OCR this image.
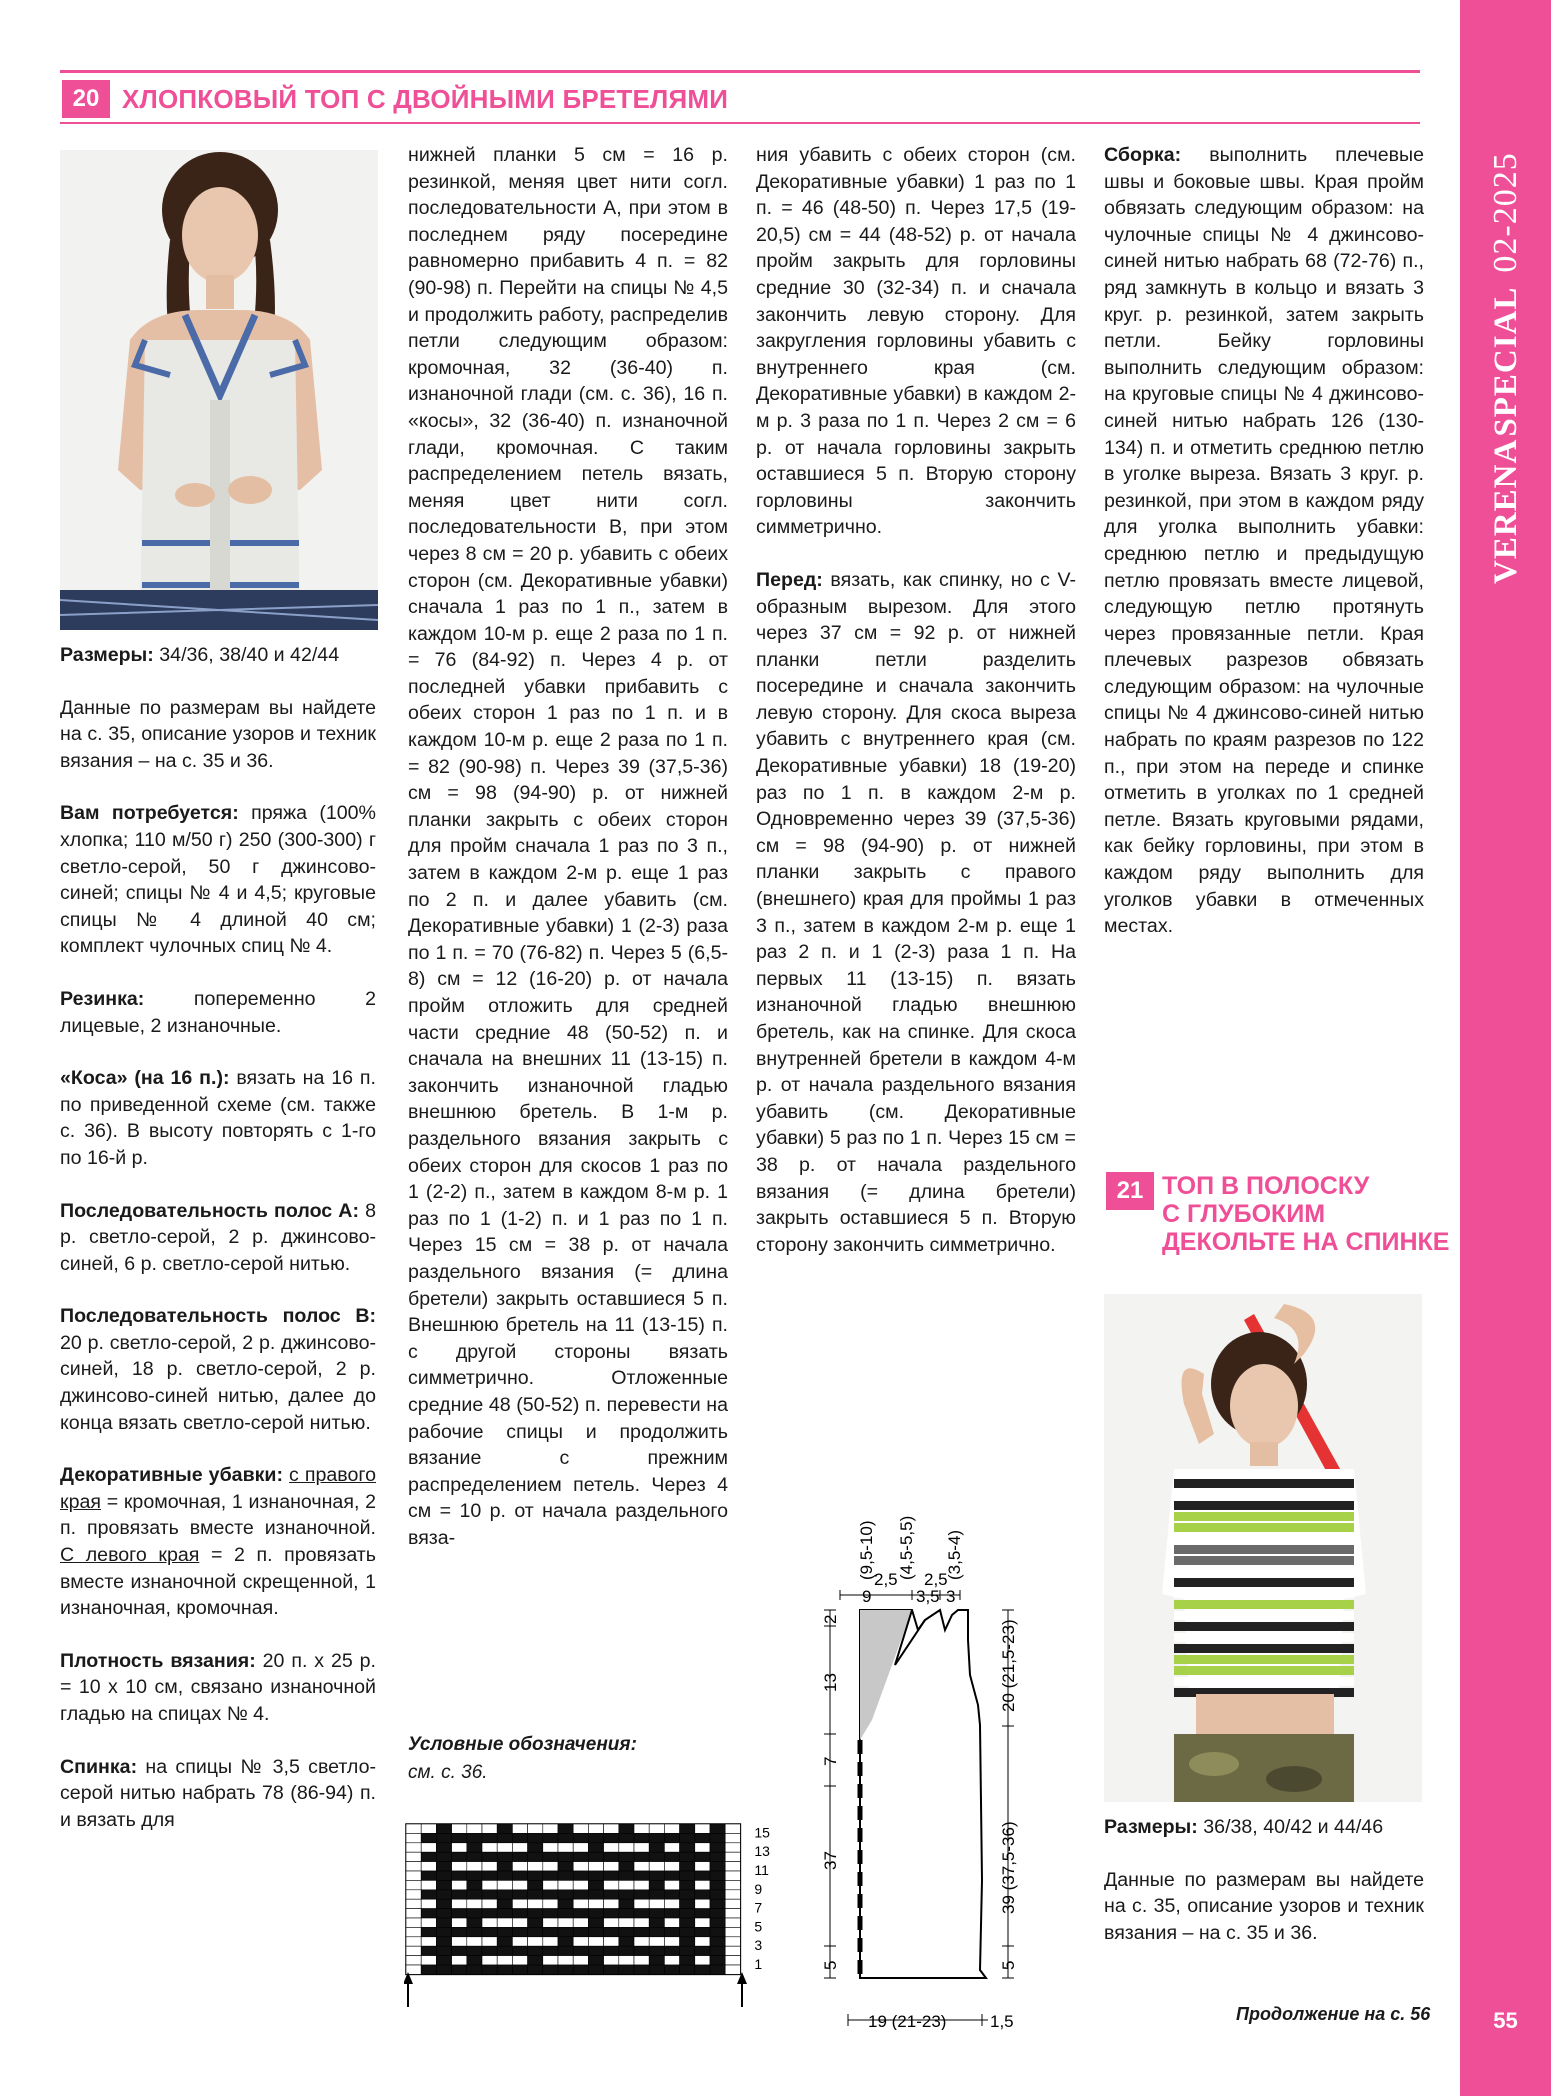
VERENA
SPECIAL
02-2025
55
20 ХЛОПКОВЫЙ ТОП С ДВОЙНЫМИ БРЕТЕЛЯМИ

Размеры: 34/36, 38/40 и 42/44

Данные по размерам вы найдете на с. 35, описание узоров и техник вязания – на с. 35 и 36.

Вам потребуется: пряжа (100% хлопка; 110 м/50 г) 250 (300-300) г светло-серой, 50 г джинсово-синей; спицы № 4 и 4,5; круговые спицы № 4 длиной 40 см; комплект чулочных спиц № 4.

Резинка: попеременно 2 лицевые, 2 изнаночные.

«Коса» (на 16 п.): вязать на 16 п. по приведенной схеме (см. также с. 36). В высоту повторять с 1-го по 16-й р.

Последовательность полос А: 8 р. светло-серой, 2 р. джинсово-синей, 6 р. светло-серой нитью.

Последовательность полос В: 20 р. светло-серой, 2 р. джинсово-синей, 18 р. светло-серой, 2 р. джинсово-синей нитью, далее до конца вязать светло-серой нитью.

Декоративные убавки: с правого края = кромочная, 1 изнаночная, 2 п. провязать вместе изнаночной. С левого края = 2 п. провязать вместе изнаночной скрещенной, 1 изнаночная, кромочная.

Плотность вязания: 20 п. х 25 р. = 10 х 10 см, связано изнаночной гладью на спицах № 4.

Спинка: на спицы № 3,5 светло-серой нитью набрать 78 (86-94) п. и вязать для

нижней планки 5 см = 16 р. резинкой, меняя цвет нити согл. последовательности А, при этом в последнем ряду посередине равномерно прибавить 4 п. = 82 (90-98) п. Перейти на спицы № 4,5 и продолжить работу, распределив петли следующим образом: кромочная, 32 (36-40) п. изнаночной глади (см. с. 36), 16 п. «косы», 32 (36-40) п. изнаночной глади, кромочная. С таким распределением петель вязать, меняя цвет нити согл. последовательности В, при этом через 8 см = 20 р. убавить с обеих сторон (см. Декоративные убавки) сначала 1 раз по 1 п., затем в каждом 10-м р. еще 2 раза по 1 п. = 76 (84-92) п. Через 4 р. от последней убавки прибавить с обеих сторон 1 раз по 1 п. и в каждом 10-м р. еще 2 раза по 1 п. = 82 (90-98) п. Через 39 (37,5-36) см = 98 (94-90) р. от нижней планки закрыть с обеих сторон для пройм сначала 1 раз по 3 п., затем в каждом 2-м р. еще 1 раз по 2 п. и далее убавить (см. Декоративные убавки) 1 (2-3) раза по 1 п. = 70 (76-82) п. Через 5 (6,5-8) см = 12 (16-20) р. от начала пройм отложить для средней части средние 48 (50-52) п. и сначала на внешних 11 (13-15) п. закончить изнаночной гладью внешнюю бретель. В 1-м р. раздельного вязания закрыть с обеих сторон для скосов 1 раз по 1 (2-2) п., затем в каждом 8-м р. 1 раз по 1 (1-2) п. и 1 раз по 1 п. Через 15 см = 38 р. от начала раздельного вязания (= длина бретели) закрыть оставшиеся 5 п. Внешнюю бретель на 11 (13-15) п. с другой стороны вязать симметрично. Отложенные средние 48 (50-52) п. перевести на рабочие спицы и продолжить вязание с прежним распределением петель. Через 4 см = 10 р. от начала раздельного вяза-

ния убавить с обеих сторон (см. Декоративные убавки) 1 раз по 1 п. = 46 (48-50) п. Через 17,5 (19-20,5) см = 44 (48-52) р. от начала пройм закрыть для горловины средние 30 (32-34) п. и сначала закончить левую сторону. Для закругления горловины убавить с внутреннего края (см. Декоративные убавки) в каждом 2-м р. 3 раза по 1 п. Через 2 см = 6 р. от начала горловины закрыть оставшиеся 5 п. Вторую сторону горловины закончить симметрично.

Перед: вязать, как спинку, но с V-образным вырезом. Для этого через 37 см = 92 р. от нижней планки петли разделить посередине и сначала закончить левую сторону. Для скоса выреза убавить с внутреннего края (см. Декоративные убавки) 18 (19-20) раз по 1 п. в каждом 2-м р. Одновременно через 39 (37,5-36) см = 98 (94-90) р. от нижней планки закрыть с правого (внешнего) края для проймы 1 раз 3 п., затем в каждом 2-м р. еще 1 раз 2 п. и 1 (2-3) раза 1 п. На первых 11 (13-15) п. вязать изнаночной гладью внешнюю бретель, как на спинке. Для скоса внутренней бретели в каждом 4-м р. от начала раздельного вязания убавить (см. Декоративные убавки) 5 раз по 1 п. Через 15 см = 38 р. от начала раздельного вязания (= длина бретели) закрыть оставшиеся 5 п. Вторую сторону закончить симметрично.

Сборка: выполнить плечевые швы и боковые швы. Края пройм обвязать следующим образом: на чулочные спицы № 4 джинсово-синей нитью набрать 68 (72-76) п., ряд замкнуть в кольцо и вязать 3 круг. р. резинкой, затем закрыть петли. Бейку горловины выполнить следующим образом: на круговые спицы № 4 джинсово-синей нитью набрать 126 (130-134) п. и отметить среднюю петлю в уголке выреза. Вязать 3 круг. р. резинкой, при этом в каждом ряду для уголка выполнить убавки: среднюю петлю и предыдущую петлю провязать вместе лицевой, следующую петлю протянуть через провязанные петли. Края плечевых разрезов обвязать следующим образом: на чулочные спицы № 4 джинсово-синей нитью набрать по краям разрезов по 122 п., при этом на переде и спинке отметить в уголках по 1 средней петле. Вязать круговыми рядами, как бейку горловины, при этом в каждом ряду выполнить для уголков убавки в отмеченных местах.

Условные обозначения:
см. с. 36.
15
13
11
9
7
5
3
1
9	3,5 3
2,5 2,5
(9,5-10) (4,5-5,5) (3,5-4)
2
13
7
37
5
20 (21,5-23)
39 (37,5-36)
5
19 (21-23)	1,5
21 ТОП В ПОЛОСКУ
С ГЛУБОКИМ
ДЕКОЛЬТЕ НА СПИНКЕ

Размеры: 36/38, 40/42 и 44/46

Данные по размерам вы найдете на с. 35, описание узоров и техник вязания – на с. 35 и 36.

Продолжение на с. 56
